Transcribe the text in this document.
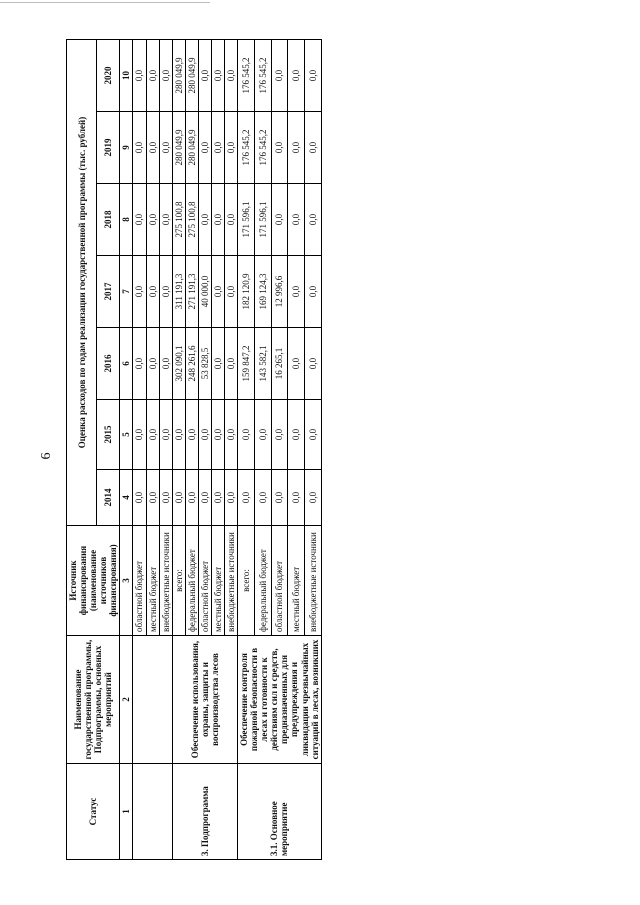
6
Статус	Наименование государственной программы, Подпрограммы, основных мероприятий	Источник финансирования (наименование источников финансирования)	Оценка расходов по годам реализации государственной программы (тыс. рублей)						
			2014	2015	2016	2017	2018	2019	2020
1	2	3	4	5	6	7	8	9	10
		областной бюджет	0,0	0,0	0,0	0,0	0,0	0,0	0,0
		местный бюджет	0,0	0,0	0,0	0,0	0,0	0,0	0,0
		внебюджетные источники	0,0	0,0	0,0	0,0	0,0	0,0	0,0
3. Подпрограмма	Обеспечение использования, охраны, защиты и воспроизводства лесов	всего:	0,0	0,0	302 090,1	311 191,3	275 100,8	280 049,9	280 049,9
		федеральный бюджет	0,0	0,0	248 261,6	271 191,3	275 100,8	280 049,9	280 049,9
		областной бюджет	0,0	0,0	53 828,5	40 000,0	0,0	0,0	0,0
		местный бюджет	0,0	0,0	0,0	0,0	0,0	0,0	0,0
		внебюджетные источники	0,0	0,0	0,0	0,0	0,0	0,0	0,0
3.1. Основное мероприятие	Обеспечение контроля пожарной безопасности в лесах и готовности к действиям сил и средств, предназначенных для предупреждения и ликвидации чрезвычайных ситуаций в лесах, возникших	всего:	0,0	0,0	159 847,2	182 120,9	171 596,1	176 545,2	176 545,2
		федеральный бюджет	0,0	0,0	143 582,1	169 124,3	171 596,1	176 545,2	176 545,2
		областной бюджет	0,0	0,0	16 265,1	12 996,6	0,0	0,0	0,0
		местный бюджет	0,0	0,0	0,0	0,0	0,0	0,0	0,0
		внебюджетные источники	0,0	0,0	0,0	0,0	0,0	0,0	0,0
